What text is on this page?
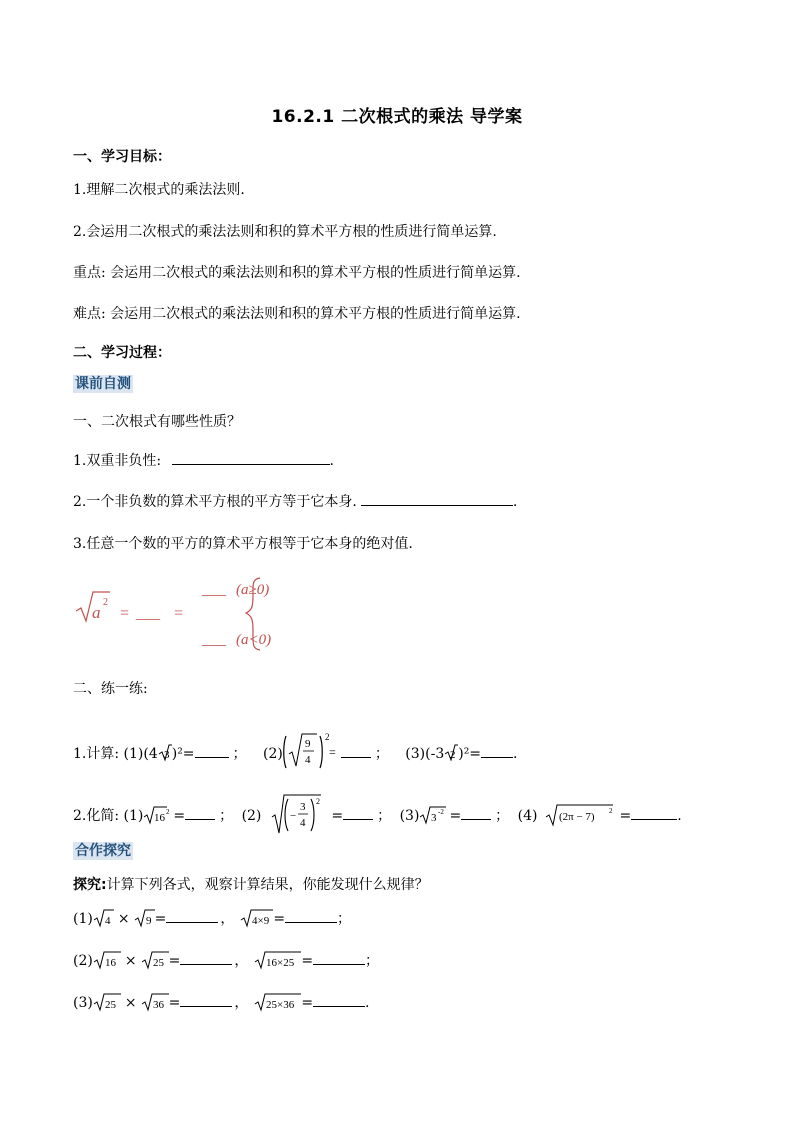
16.2.1 二次根式的乘法 导学案
一、学习目标：
1.理解二次根式的乘法法则.
2.会运用二次根式的乘法法则和积的算术平方根的性质进行简单运算.
重点: 会运用二次根式的乘法法则和积的算术平方根的性质进行简单运算.
难点: 会运用二次根式的乘法法则和积的算术平方根的性质进行简单运算.
二、学习过程：
课前自测
一、二次根式有哪些性质？
1.双重非负性:	.
2.一个非负数的算术平方根的平方等于它本身.	.
3.任意一个数的平方的算术平方根等于它本身的绝对值.
a
2
= ___ =
___ (a≥0)
___ (a<0)
二、练一练:
1.计算: (1)(4 3 )²=	； (2)
9
4
2
=	； (3)(-3 2 )²= .
2.化简: (1) 16 2 = ； (2)	−
3
4
2
= ； (3) 3 -2 = ； (4) (2π − 7) 2 =	.
合作探究
探究:计算下列各式，观察计算结果，你能发现什么规律？
(1) 4 × 9 =	， 4×9 =	；
(2) 16 × 25 =	， 16×25 =	；
(3) 25 × 36 =	， 25×36 =	.
